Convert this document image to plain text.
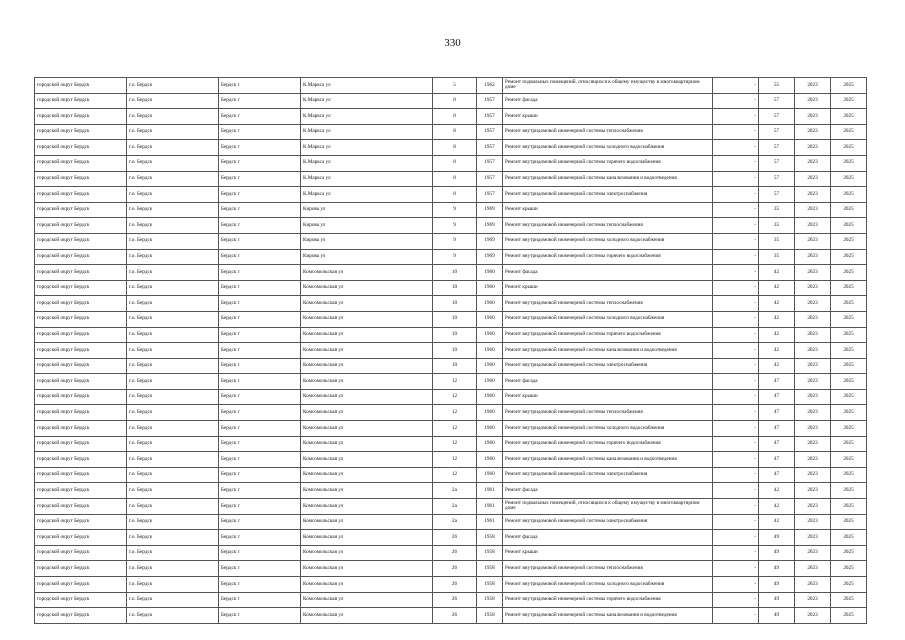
330
городской округ Бердск	г.о. Бердск	Бердск г	К.Маркса ул	5	1962	Ремонт подвальных помещений, относящихся к общему имуществу в многоквартирном доме	-	55	2023	2025
городской округ Бердск	г.о. Бердск	Бердск г	К.Маркса ул	8	1957	Ремонт фасада	-	57	2023	2025
городской округ Бердск	г.о. Бердск	Бердск г	К.Маркса ул	8	1957	Ремонт крыши	-	57	2023	2025
городской округ Бердск	г.о. Бердск	Бердск г	К.Маркса ул	8	1957	Ремонт внутридомовой инженерной системы теплоснабжения	-	57	2023	2025
городской округ Бердск	г.о. Бердск	Бердск г	К.Маркса ул	8	1957	Ремонт внутридомовой инженерной системы холодного водоснабжения	-	57	2023	2025
городской округ Бердск	г.о. Бердск	Бердск г	К.Маркса ул	8	1957	Ремонт внутридомовой инженерной системы горячего водоснабжения	-	57	2023	2025
городской округ Бердск	г.о. Бердск	Бердск г	К.Маркса ул	8	1957	Ремонт внутридомовой инженерной системы канализования и водоотведения	-	57	2023	2025
городской округ Бердск	г.о. Бердск	Бердск г	К.Маркса ул	8	1957	Ремонт внутридомовой инженерной системы электроснабжения	-	57	2023	2025
городской округ Бердск	г.о. Бердск	Бердск г	Кирова ул	9	1969	Ремонт крыши	-	35	2023	2025
городской округ Бердск	г.о. Бердск	Бердск г	Кирова ул	9	1969	Ремонт внутридомовой инженерной системы теплоснабжения	-	35	2023	2025
городской округ Бердск	г.о. Бердск	Бердск г	Кирова ул	9	1969	Ремонт внутридомовой инженерной системы холодного водоснабжения	-	35	2023	2025
городской округ Бердск	г.о. Бердск	Бердск г	Кирова ул	9	1969	Ремонт внутридомовой инженерной системы горячего водоснабжения	-	35	2023	2025
городской округ Бердск	г.о. Бердск	Бердск г	Комсомольская ул	10	1960	Ремонт фасада	-	42	2023	2025
городской округ Бердск	г.о. Бердск	Бердск г	Комсомольская ул	10	1960	Ремонт крыши	-	42	2023	2025
городской округ Бердск	г.о. Бердск	Бердск г	Комсомольская ул	10	1960	Ремонт внутридомовой инженерной системы теплоснабжения	-	42	2023	2025
городской округ Бердск	г.о. Бердск	Бердск г	Комсомольская ул	10	1960	Ремонт внутридомовой инженерной системы холодного водоснабжения	-	42	2023	2025
городской округ Бердск	г.о. Бердск	Бердск г	Комсомольская ул	10	1960	Ремонт внутридомовой инженерной системы горячего водоснабжения	-	42	2023	2025
городской округ Бердск	г.о. Бердск	Бердск г	Комсомольская ул	10	1960	Ремонт внутридомовой инженерной системы канализования и водоотведения	-	42	2023	2025
городской округ Бердск	г.о. Бердск	Бердск г	Комсомольская ул	10	1960	Ремонт внутридомовой инженерной системы электроснабжения	-	42	2023	2025
городской округ Бердск	г.о. Бердск	Бердск г	Комсомольская ул	12	1960	Ремонт фасада	-	47	2023	2025
городской округ Бердск	г.о. Бердск	Бердск г	Комсомольская ул	12	1960	Ремонт крыши	-	47	2023	2025
городской округ Бердск	г.о. Бердск	Бердск г	Комсомольская ул	12	1960	Ремонт внутридомовой инженерной системы теплоснабжения	-	47	2023	2025
городской округ Бердск	г.о. Бердск	Бердск г	Комсомольская ул	12	1960	Ремонт внутридомовой инженерной системы холодного водоснабжения	-	47	2023	2025
городской округ Бердск	г.о. Бердск	Бердск г	Комсомольская ул	12	1960	Ремонт внутридомовой инженерной системы горячего водоснабжения	-	47	2023	2025
городской округ Бердск	г.о. Бердск	Бердск г	Комсомольская ул	12	1960	Ремонт внутридомовой инженерной системы канализования и водоотведения	-	47	2023	2025
городской округ Бердск	г.о. Бердск	Бердск г	Комсомольская ул	12	1960	Ремонт внутридомовой инженерной системы электроснабжения	-	47	2023	2025
городской округ Бердск	г.о. Бердск	Бердск г	Комсомольская ул	2а	1961	Ремонт фасада	-	42	2023	2025
городской округ Бердск	г.о. Бердск	Бердск г	Комсомольская ул	2а	1961	Ремонт подвальных помещений, относящихся к общему имуществу в многоквартирном доме	-	42	2023	2025
городской округ Бердск	г.о. Бердск	Бердск г	Комсомольская ул	2а	1961	Ремонт внутридомовой инженерной системы электроснабжения	-	42	2023	2025
городской округ Бердск	г.о. Бердск	Бердск г	Комсомольская ул	26	1958	Ремонт фасада	-	49	2023	2025
городской округ Бердск	г.о. Бердск	Бердск г	Комсомольская ул	26	1958	Ремонт крыши	-	49	2023	2025
городской округ Бердск	г.о. Бердск	Бердск г	Комсомольская ул	26	1958	Ремонт внутридомовой инженерной системы теплоснабжения	-	49	2023	2025
городской округ Бердск	г.о. Бердск	Бердск г	Комсомольская ул	26	1958	Ремонт внутридомовой инженерной системы холодного водоснабжения	-	49	2023	2025
городской округ Бердск	г.о. Бердск	Бердск г	Комсомольская ул	26	1958	Ремонт внутридомовой инженерной системы горячего водоснабжения	-	49	2023	2025
городской округ Бердск	г.о. Бердск	Бердск г	Комсомольская ул	26	1958	Ремонт внутридомовой инженерной системы канализования и водоотведения	-	49	2023	2025
